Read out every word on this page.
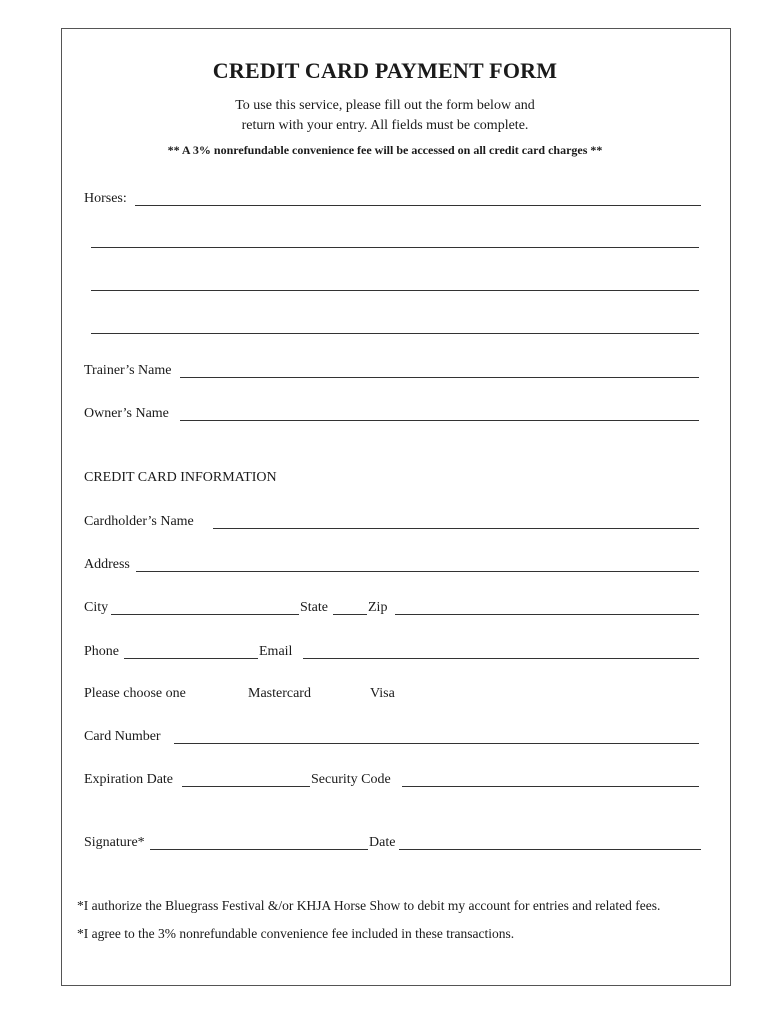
CREDIT CARD PAYMENT FORM
To use this service, please fill out the form below and
return with your entry. All fields must be complete.
** A 3% nonrefundable convenience fee will be accessed on all credit card charges **
Horses:
Trainer’s Name
Owner’s Name
CREDIT CARD INFORMATION
Cardholder’s Name
Address
City	State	Zip
Phone	Email
Please choose one	Mastercard	Visa
Card Number
Expiration Date	Security Code
Signature*	Date
*I authorize the Bluegrass Festival &/or KHJA Horse Show to debit my account for entries and related fees.
*I agree to the 3% nonrefundable convenience fee included in these transactions.
